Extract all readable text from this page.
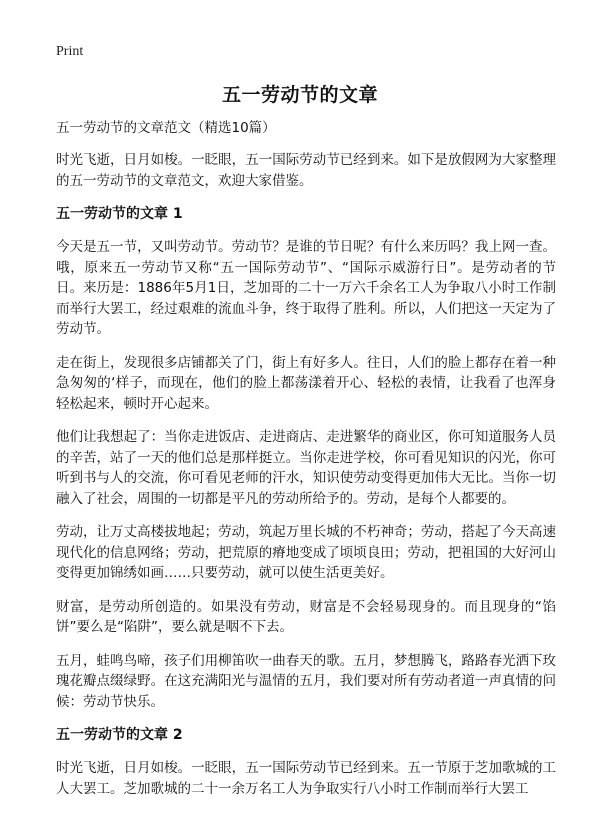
Print
五一劳动节的文章
五一劳动节的文章范文（精选10篇）

时光飞逝，日月如梭。一眨眼，五一国际劳动节已经到来。如下是放假网为大家整理的五一劳动节的文章范文，欢迎大家借鉴。

五一劳动节的文章 1

今天是五一节，又叫劳动节。劳动节？是谁的节日呢？有什么来历吗？我上网一查。哦，原来五一劳动节又称“五一国际劳动节”、“国际示威游行日”。是劳动者的节日。来历是：1886年5月1日，芝加哥的二十一万六千余名工人为争取八小时工作制而举行大罢工，经过艰难的流血斗争，终于取得了胜利。所以，人们把这一天定为了劳动节。

走在街上，发现很多店铺都关了门，街上有好多人。往日，人们的脸上都存在着一种急匆匆的‘样子，而现在，他们的脸上都荡漾着开心、轻松的表情，让我看了也浑身轻松起来，顿时开心起来。

他们让我想起了：当你走进饭店、走进商店、走进繁华的商业区，你可知道服务人员的辛苦，站了一天的他们总是那样挺立。当你走进学校，你可看见知识的闪光，你可听到书与人的交流，你可看见老师的汗水，知识使劳动变得更加伟大无比。当你一切融入了社会，周围的一切都是平凡的劳动所给予的。劳动，是每个人都要的。

劳动，让万丈高楼拔地起；劳动，筑起万里长城的不朽神奇；劳动，搭起了今天高速现代化的信息网络；劳动，把荒原的瘠地变成了顷顷良田；劳动，把祖国的大好河山变得更加锦绣如画……只要劳动，就可以使生活更美好。

财富，是劳动所创造的。如果没有劳动，财富是不会轻易现身的。而且现身的“馅饼”要么是“陷阱”，要么就是咽不下去。

五月，蛙鸣鸟啼，孩子们用柳笛吹一曲春天的歌。五月，梦想腾飞，路路春光洒下玫瑰花瓣点缀绿野。在这充满阳光与温情的五月，我们要对所有劳动者道一声真情的问候：劳动节快乐。

五一劳动节的文章 2

时光飞逝，日月如梭。一眨眼，五一国际劳动节已经到来。五一节原于芝加歌城的工人大罢工。芝加歌城的二十一余万名工人为争取实行八小时工作制而举行大罢工
